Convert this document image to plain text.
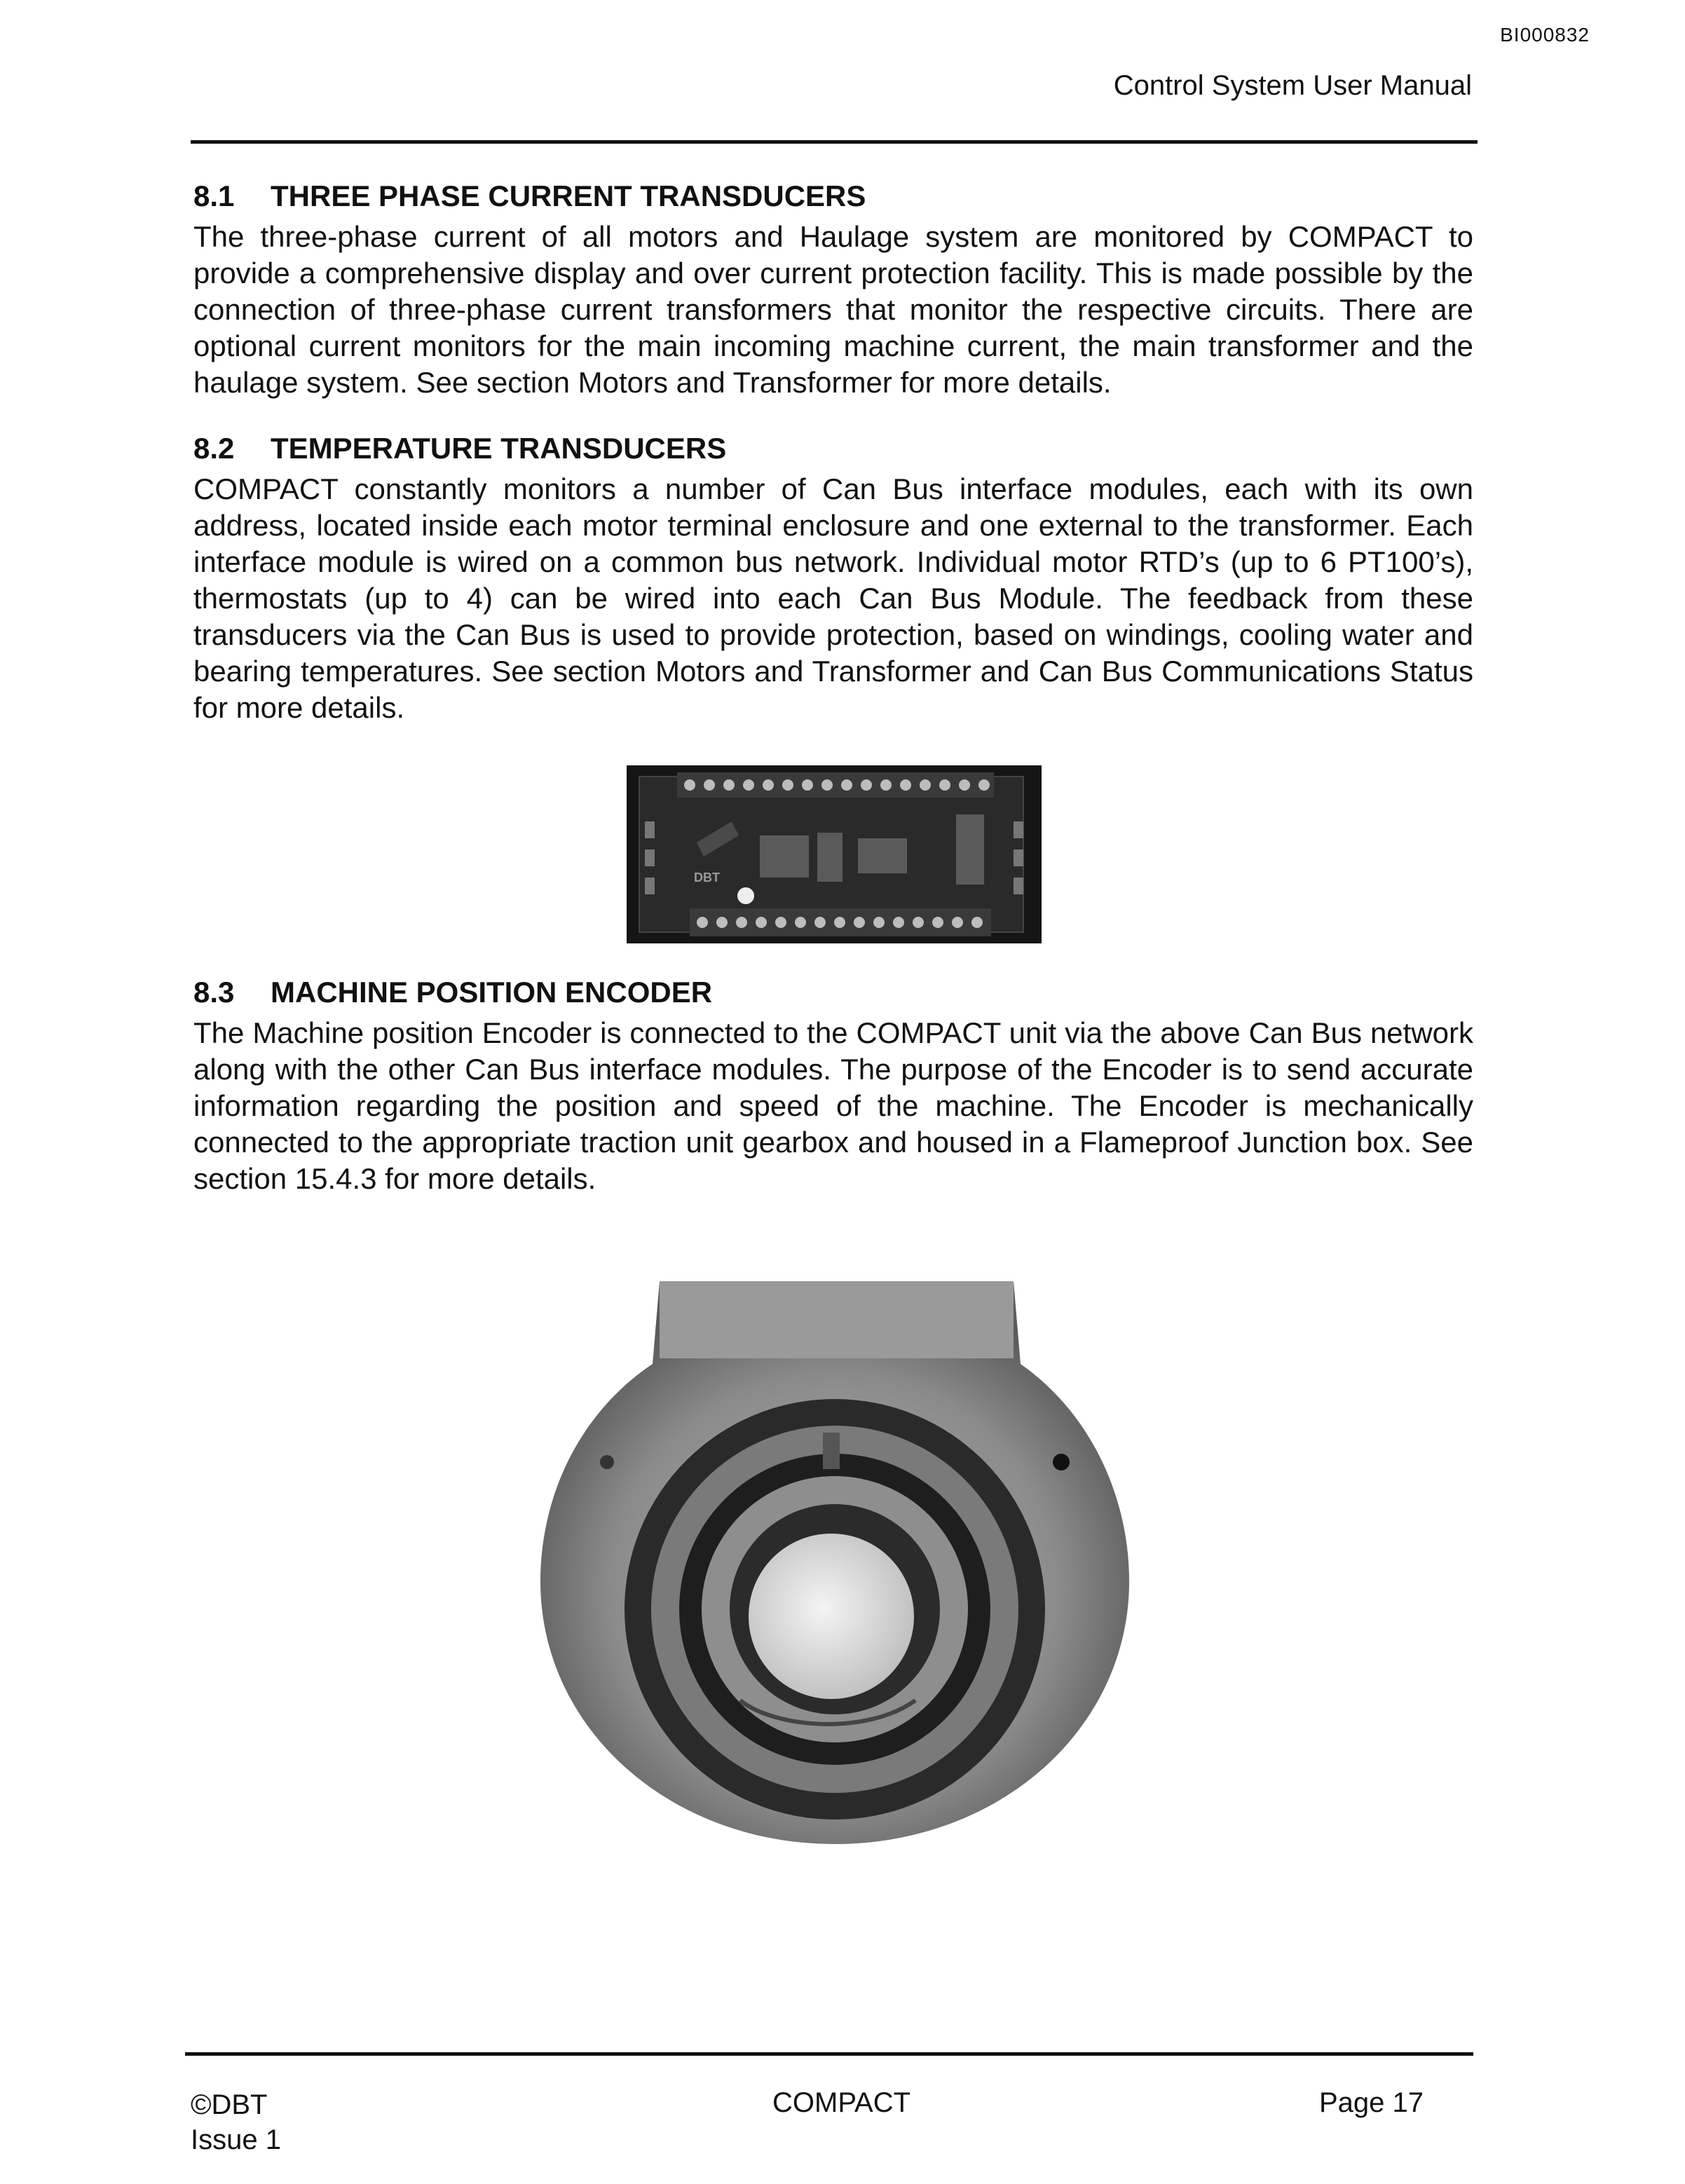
BI000832
Control System User Manual
8.1 THREE PHASE CURRENT TRANSDUCERS

The three-phase current of all motors and Haulage system are monitored by COMPACT to provide a comprehensive display and over current protection facility. This is made possible by the connection of three-phase current transformers that monitor the respective circuits. There are optional current monitors for the main incoming machine current, the main transformer and the haulage system. See section Motors and Transformer for more details.

8.2 TEMPERATURE TRANSDUCERS

COMPACT constantly monitors a number of Can Bus interface modules, each with its own address, located inside each motor terminal enclosure and one external to the transformer. Each interface module is wired on a common bus network. Individual motor RTD’s (up to 6 PT100’s), thermostats (up to 4) can be wired into each Can Bus Module. The feedback from these transducers via the Can Bus is used to provide protection, based on windings, cooling water and bearing temperatures. See section Motors and Transformer and Can Bus Communications Status for more details.

DBT
8.3 MACHINE POSITION ENCODER

The Machine position Encoder is connected to the COMPACT unit via the above Can Bus network along with the other Can Bus interface modules. The purpose of the Encoder is to send accurate information regarding the position and speed of the machine. The Encoder is mechanically connected to the appropriate traction unit gearbox and housed in a Flameproof Junction box. See section 15.4.3 for more details.

©DBT
Issue 1
COMPACT	Page 17
